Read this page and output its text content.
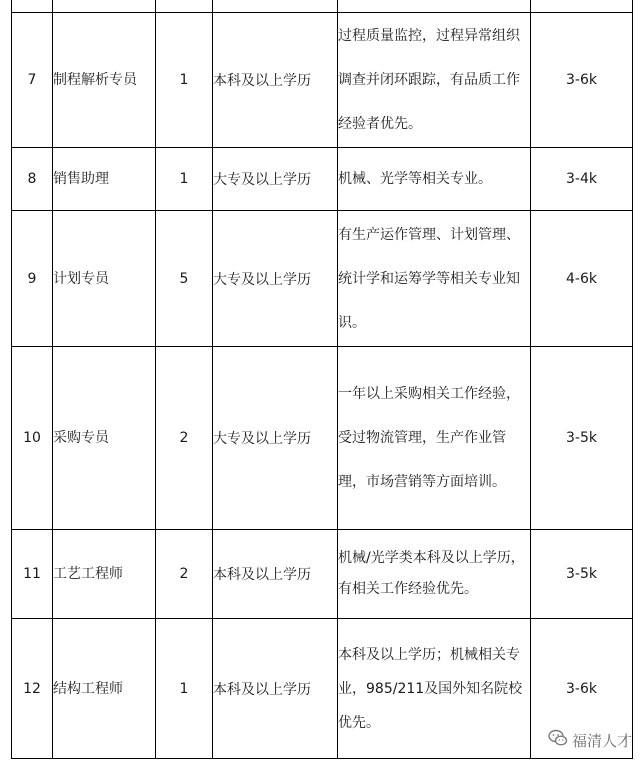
7	制程解析专员	1	本科及以上学历	过程质量监控，过程异常组织调查并闭环跟踪，有品质工作经验者优先。	3-6k
8	销售助理	1	大专及以上学历	机械、光学等相关专业。	3-4k
9	计划专员	5	大专及以上学历	有生产运作管理、计划管理、统计学和运筹学等相关专业知识。	4-6k
10	采购专员	2	大专及以上学历	一年以上采购相关工作经验，受过物流管理，生产作业管理，市场营销等方面培训。	3-5k
11	工艺工程师	2	本科及以上学历	机械/光学类本科及以上学历，有相关工作经验优先。	3-5k
12	结构工程师	1	本科及以上学历	本科及以上学历；机械相关专业，985/211及国外知名院校优先。	3-6k
福清人才
